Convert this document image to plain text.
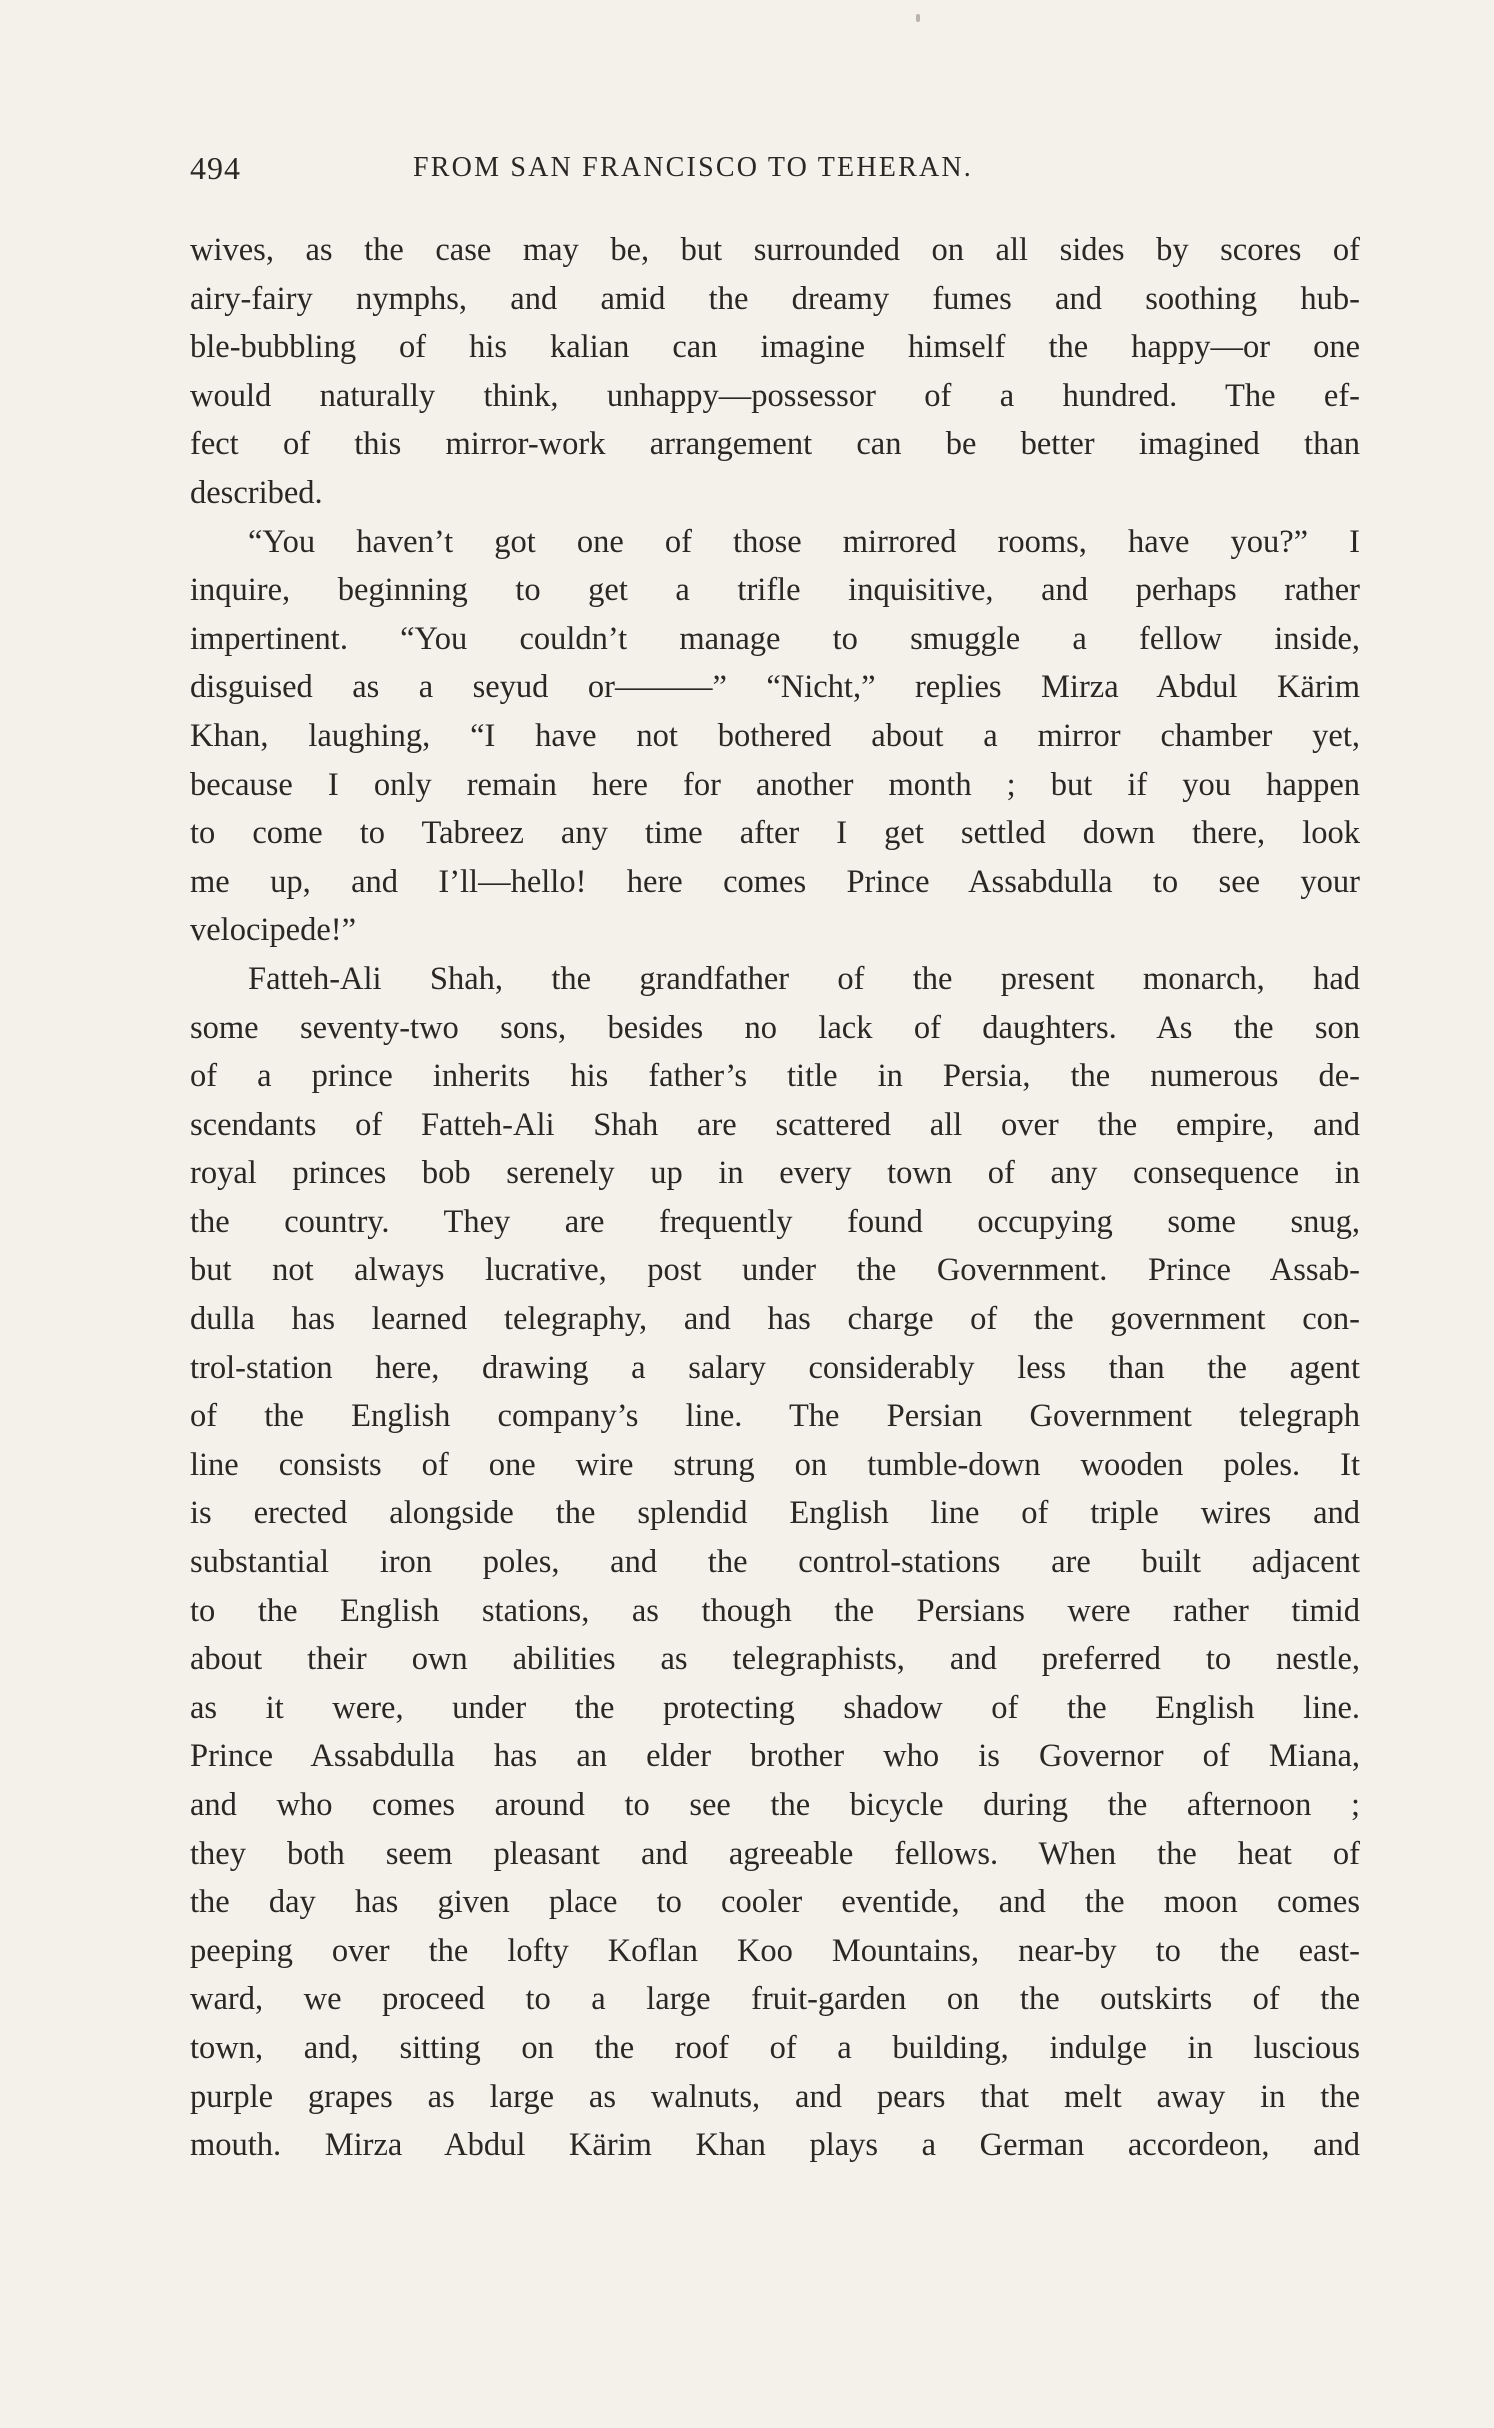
494	FROM SAN FRANCISCO TO TEHERAN.
wives, as the case may be, but surrounded on all sides by scores of
airy-fairy nymphs, and amid the dreamy fumes and soothing hub-
ble-bubbling of his kalian can imagine himself the happy—or one
would naturally think, unhappy—possessor of a hundred. The ef-
fect of this mirror-work arrangement can be better imagined than
described.
“You haven’t got one of those mirrored rooms, have you?” I
inquire, beginning to get a trifle inquisitive, and perhaps rather
impertinent. “You couldn’t manage to smuggle a fellow inside,
disguised as a seyud or———” “Nicht,” replies Mirza Abdul Kärim
Khan, laughing, “I have not bothered about a mirror chamber yet,
because I only remain here for another month ; but if you happen
to come to Tabreez any time after I get settled down there, look
me up, and I’ll—hello! here comes Prince Assabdulla to see your
velocipede!”
Fatteh-Ali Shah, the grandfather of the present monarch, had
some seventy-two sons, besides no lack of daughters. As the son
of a prince inherits his father’s title in Persia, the numerous de-
scendants of Fatteh-Ali Shah are scattered all over the empire, and
royal princes bob serenely up in every town of any consequence in
the country. They are frequently found occupying some snug,
but not always lucrative, post under the Government. Prince Assab-
dulla has learned telegraphy, and has charge of the government con-
trol-station here, drawing a salary considerably less than the agent
of the English company’s line. The Persian Government telegraph
line consists of one wire strung on tumble-down wooden poles. It
is erected alongside the splendid English line of triple wires and
substantial iron poles, and the control-stations are built adjacent
to the English stations, as though the Persians were rather timid
about their own abilities as telegraphists, and preferred to nestle,
as it were, under the protecting shadow of the English line.
Prince Assabdulla has an elder brother who is Governor of Miana,
and who comes around to see the bicycle during the afternoon ;
they both seem pleasant and agreeable fellows. When the heat of
the day has given place to cooler eventide, and the moon comes
peeping over the lofty Koflan Koo Mountains, near-by to the east-
ward, we proceed to a large fruit-garden on the outskirts of the
town, and, sitting on the roof of a building, indulge in luscious
purple grapes as large as walnuts, and pears that melt away in the
mouth. Mirza Abdul Kärim Khan plays a German accordeon, and
